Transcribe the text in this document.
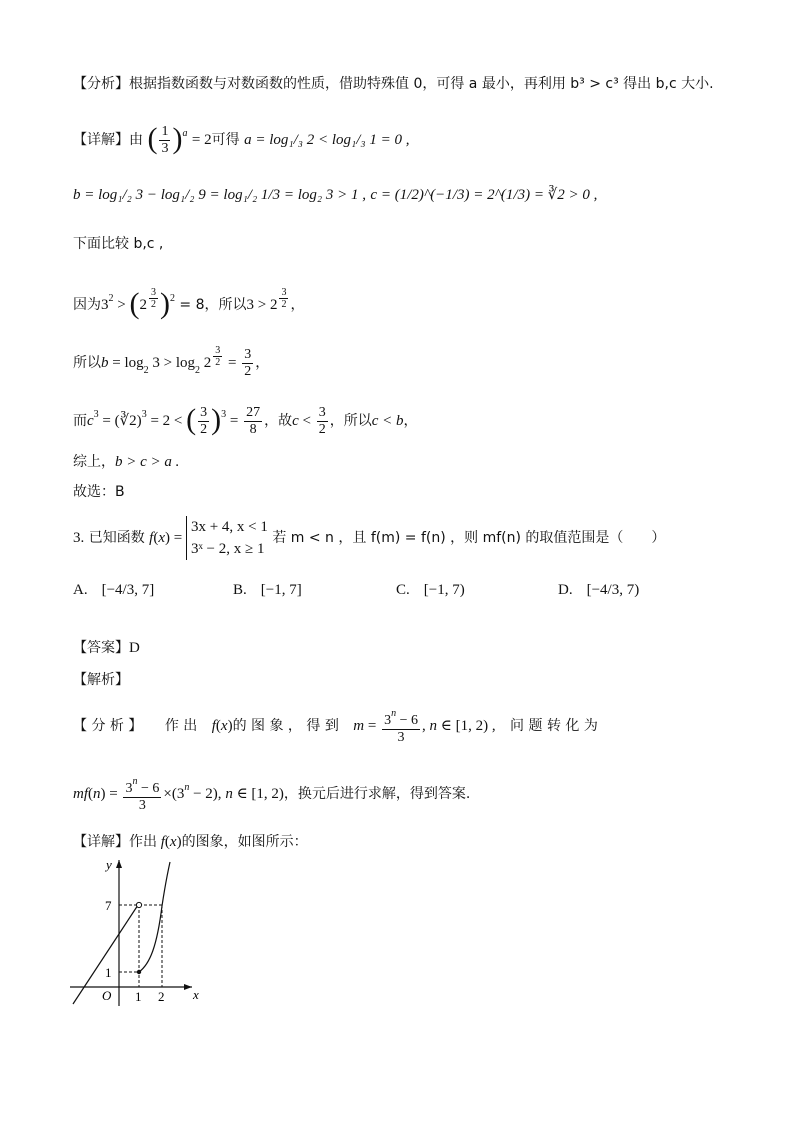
【分析】根据指数函数与对数函数的性质，借助特殊值 0，可得 a 最小，再利用 b³ > c³ 得出 b,c 大小.
【详解】由 ( $\frac{1}{3} )^a = 2$可得 a = log₁/₃ 2 < log₁/₃ 1 = 0 ,
b = log₁/₂ 3 − log₁/₂ 9 = log₁/₂ 1/3 = log₂ 3 > 1 , c = (1/2)^(−1/3) = 2^(1/3) = ∛2 > 0 ,
下面比较 b,c ,
因为$3^2 > (2$ $^{\frac{3}{2}}$ )$^2$ = 8，所以3 > 2 $^{\frac{3}{2}}$ ，
所以$b = \log_2 3 > \log_2 2$ $^{\frac{3}{2}} = \frac{3}{2}$ ，
而$c^3$ = (∛2)$^3$ = 2 < ( $\frac{3}{2} )^3 = \frac{27}{8}$ ，故$c < \frac{3}{2}$ ，所以c < b，
综上，b > c > a .
故选：B
3. 已知函数 f(x) =
3x + 4, x < 1
3ˣ − 2, x ≥ 1
若 m < n ，且 f(m) = f(n) ，则 mf(n) 的取值范围是（　　）
A. [−4/3, 7]	B. [−1, 7]	C. [−1, 7)	D. [−4/3, 7)
【答案】D
【解析】
【 分 析 】 作 出 f(x)的 图 象 ， 得 到 $m = \frac{3^n - 6}{3}$ , n ∈ [1, 2) , 问 题 转 化 为
$mf(n) = \frac{3^n - 6}{3} \times(3^n - 2)$, n ∈ [1, 2)，换元后进行求解，得到答案.
【详解】作出 f(x)的图象，如图所示：
y
x
O
7
1
1 2
